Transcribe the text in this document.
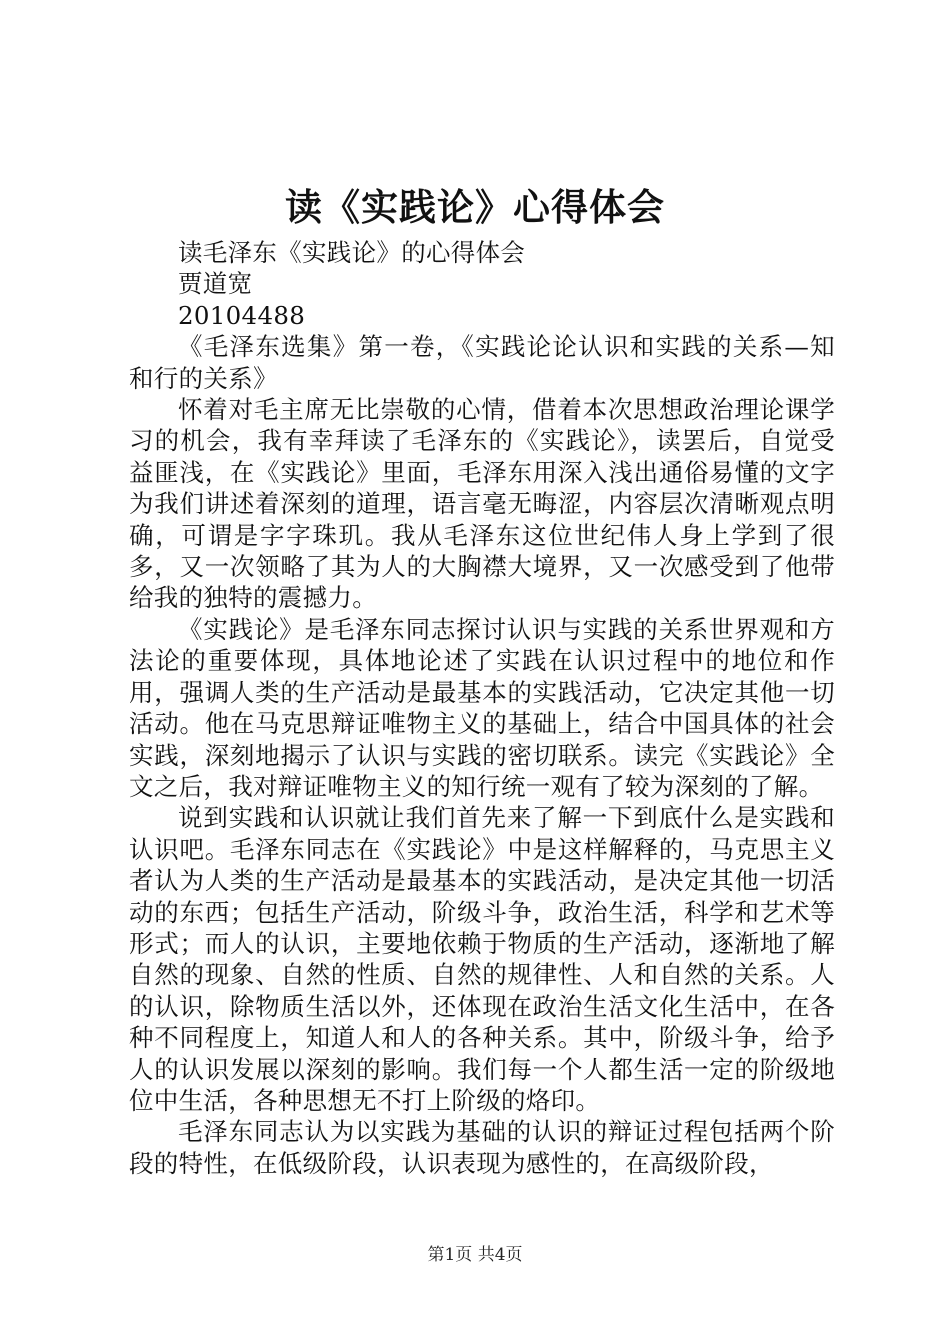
读《实践论》心得体会

读毛泽东《实践论》的心得体会

贾道宽

20104488

《毛泽东选集》第一卷，《实践论论认识和实践的关系—知和行的关系》

怀着对毛主席无比崇敬的心情，借着本次思想政治理论课学习的机会，我有幸拜读了毛泽东的《实践论》，读罢后，自觉受益匪浅，在《实践论》里面，毛泽东用深入浅出通俗易懂的文字为我们讲述着深刻的道理，语言毫无晦涩，内容层次清晰观点明确，可谓是字字珠玑。我从毛泽东这位世纪伟人身上学到了很多，又一次领略了其为人的大胸襟大境界，又一次感受到了他带给我的独特的震撼力。

《实践论》是毛泽东同志探讨认识与实践的关系世界观和方法论的重要体现，具体地论述了实践在认识过程中的地位和作用，强调人类的生产活动是最基本的实践活动，它决定其他一切活动。他在马克思辩证唯物主义的基础上，结合中国具体的社会实践，深刻地揭示了认识与实践的密切联系。读完《实践论》全文之后，我对辩证唯物主义的知行统一观有了较为深刻的了解。

说到实践和认识就让我们首先来了解一下到底什么是实践和认识吧。毛泽东同志在《实践论》中是这样解释的，马克思主义者认为人类的生产活动是最基本的实践活动，是决定其他一切活动的东西；包括生产活动，阶级斗争，政治生活，科学和艺术等形式；而人的认识，主要地依赖于物质的生产活动，逐渐地了解自然的现象、自然的性质、自然的规律性、人和自然的关系。人的认识，除物质生活以外，还体现在政治生活文化生活中，在各种不同程度上，知道人和人的各种关系。其中，阶级斗争，给予人的认识发展以深刻的影响。我们每一个人都生活一定的阶级地位中生活，各种思想无不打上阶级的烙印。

毛泽东同志认为以实践为基础的认识的辩证过程包括两个阶段的特性，在低级阶段，认识表现为感性的，在高级阶段，

第1页 共4页
